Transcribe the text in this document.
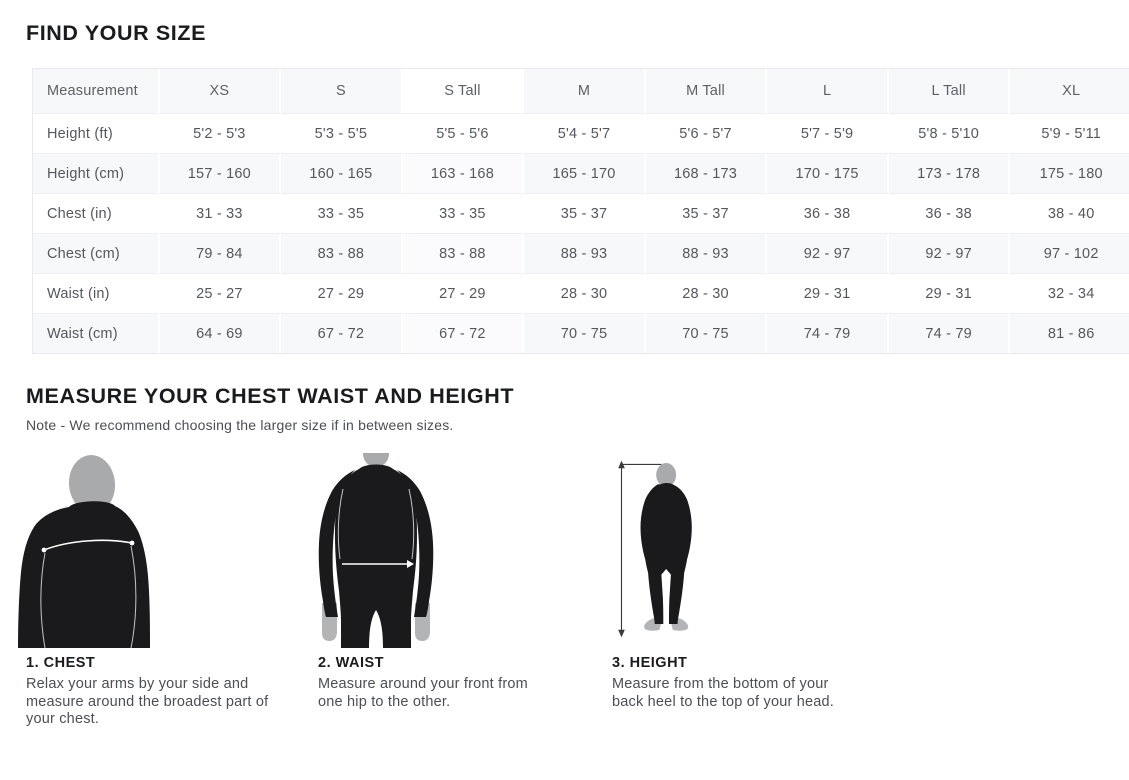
FIND YOUR SIZE
Measurement	XS	S	S Tall	M	M Tall	L	L Tall	XL
Height (ft)	5'2 - 5'3	5'3 - 5'5	5'5 - 5'6	5'4 - 5'7	5'6 - 5'7	5'7 - 5'9	5'8 - 5'10	5'9 - 5'11
Height (cm)	157 - 160	160 - 165	163 - 168	165 - 170	168 - 173	170 - 175	173 - 178	175 - 180
Chest (in)	31 - 33	33 - 35	33 - 35	35 - 37	35 - 37	36 - 38	36 - 38	38 - 40
Chest (cm)	79 - 84	83 - 88	83 - 88	88 - 93	88 - 93	92 - 97	92 - 97	97 - 102
Waist (in)	25 - 27	27 - 29	27 - 29	28 - 30	28 - 30	29 - 31	29 - 31	32 - 34
Waist (cm)	64 - 69	67 - 72	67 - 72	70 - 75	70 - 75	74 - 79	74 - 79	81 - 86
MEASURE YOUR CHEST WAIST AND HEIGHT

Note - We recommend choosing the larger size if in between sizes.

1. CHEST

Relax your arms by your side and measure around the broadest part of your chest.

2. WAIST

Measure around your front from one hip to the other.

3. HEIGHT

Measure from the bottom of your back heel to the top of your head.
